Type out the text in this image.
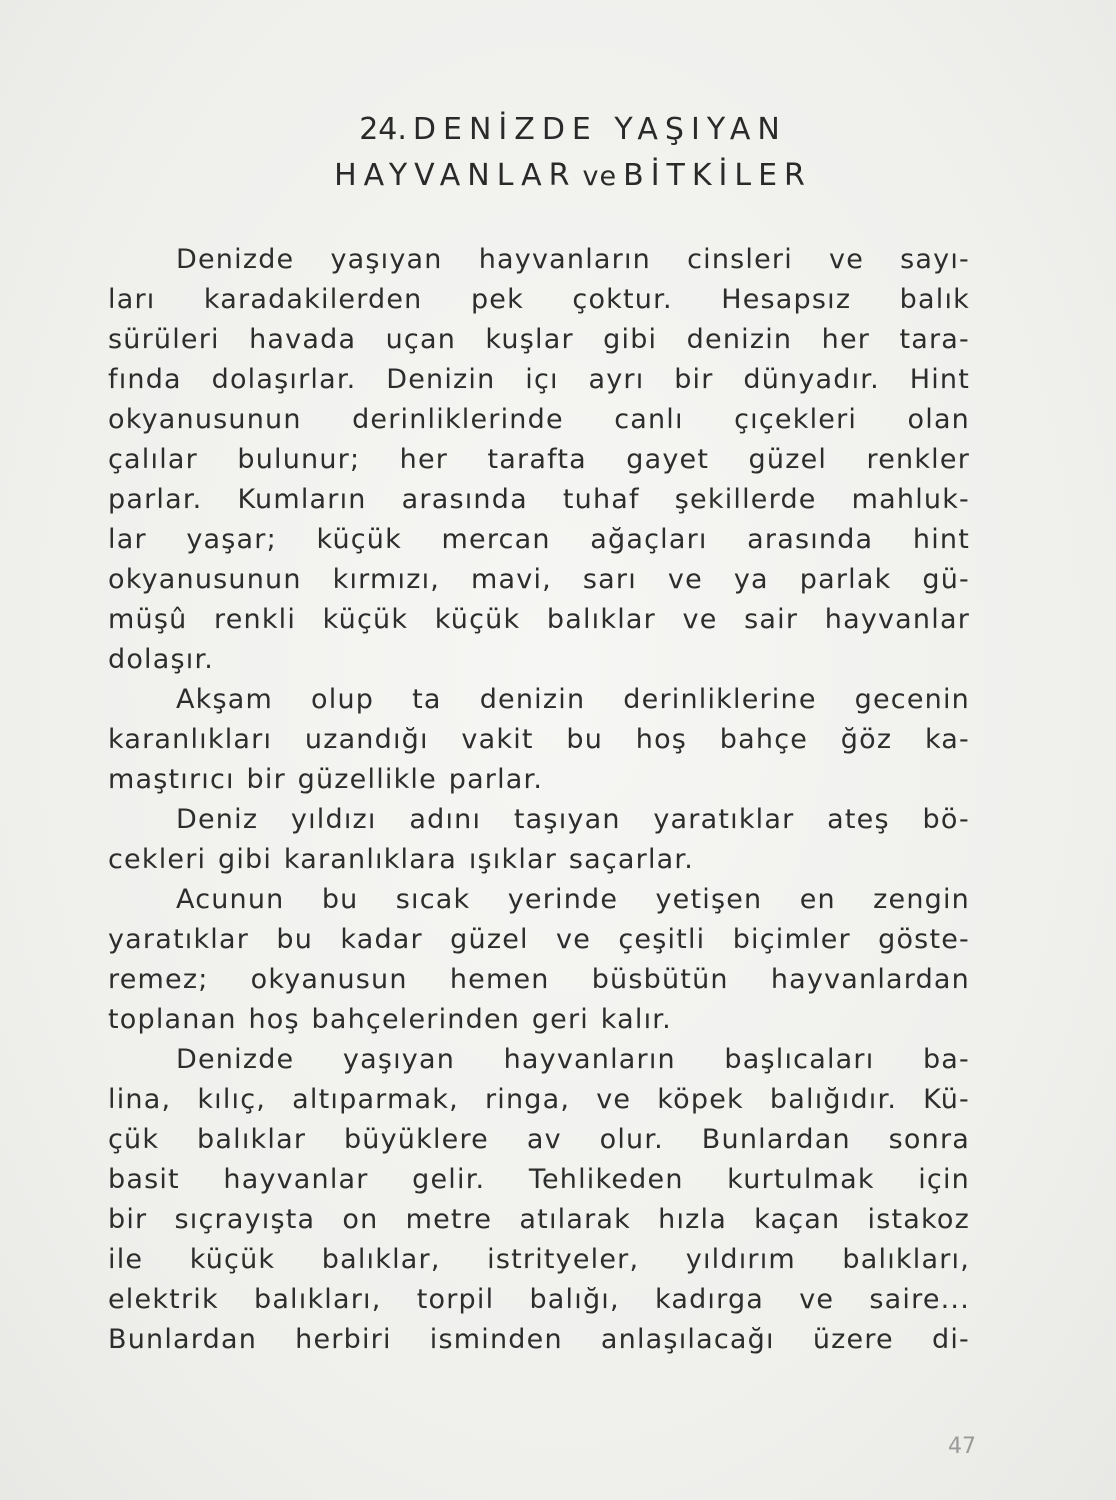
24. DENİZDE YAŞIYAN
HAYVANLAR ve BİTKİLER
Denizde yaşıyan hayvanların cinsleri ve sayı-
ları karadakilerden pek çoktur. Hesapsız balık
sürüleri havada uçan kuşlar gibi denizin her tara-
fında dolaşırlar. Denizin içı ayrı bir dünyadır. Hint
okyanusunun derinliklerinde canlı çıçekleri olan
çalılar bulunur; her tarafta gayet güzel renkler
parlar. Kumların arasında tuhaf şekillerde mahluk-
lar yaşar; küçük mercan ağaçları arasında hint
okyanusunun kırmızı, mavi, sarı ve ya parlak gü-
müşû renkli küçük küçük balıklar ve sair hayvanlar
dolaşır.
Akşam olup ta denizin derinliklerine gecenin
karanlıkları uzandığı vakit bu hoş bahçe ğöz ka-
maştırıcı bir güzellikle parlar.
Deniz yıldızı adını taşıyan yaratıklar ateş bö-
cekleri gibi karanlıklara ışıklar saçarlar.
Acunun bu sıcak yerinde yetişen en zengin
yaratıklar bu kadar güzel ve çeşitli biçimler göste-
remez; okyanusun hemen büsbütün hayvanlardan
toplanan hoş bahçelerinden geri kalır.
Denizde yaşıyan hayvanların başlıcaları ba-
lina, kılıç, altıparmak, ringa, ve köpek balığıdır. Kü-
çük balıklar büyüklere av olur. Bunlardan sonra
basit hayvanlar gelir. Tehlikeden kurtulmak için
bir sıçrayışta on metre atılarak hızla kaçan istakoz
ile küçük balıklar, istrityeler, yıldırım balıkları,
elektrik balıkları, torpil balığı, kadırga ve saire...
Bunlardan herbiri isminden anlaşılacağı üzere di-
47
